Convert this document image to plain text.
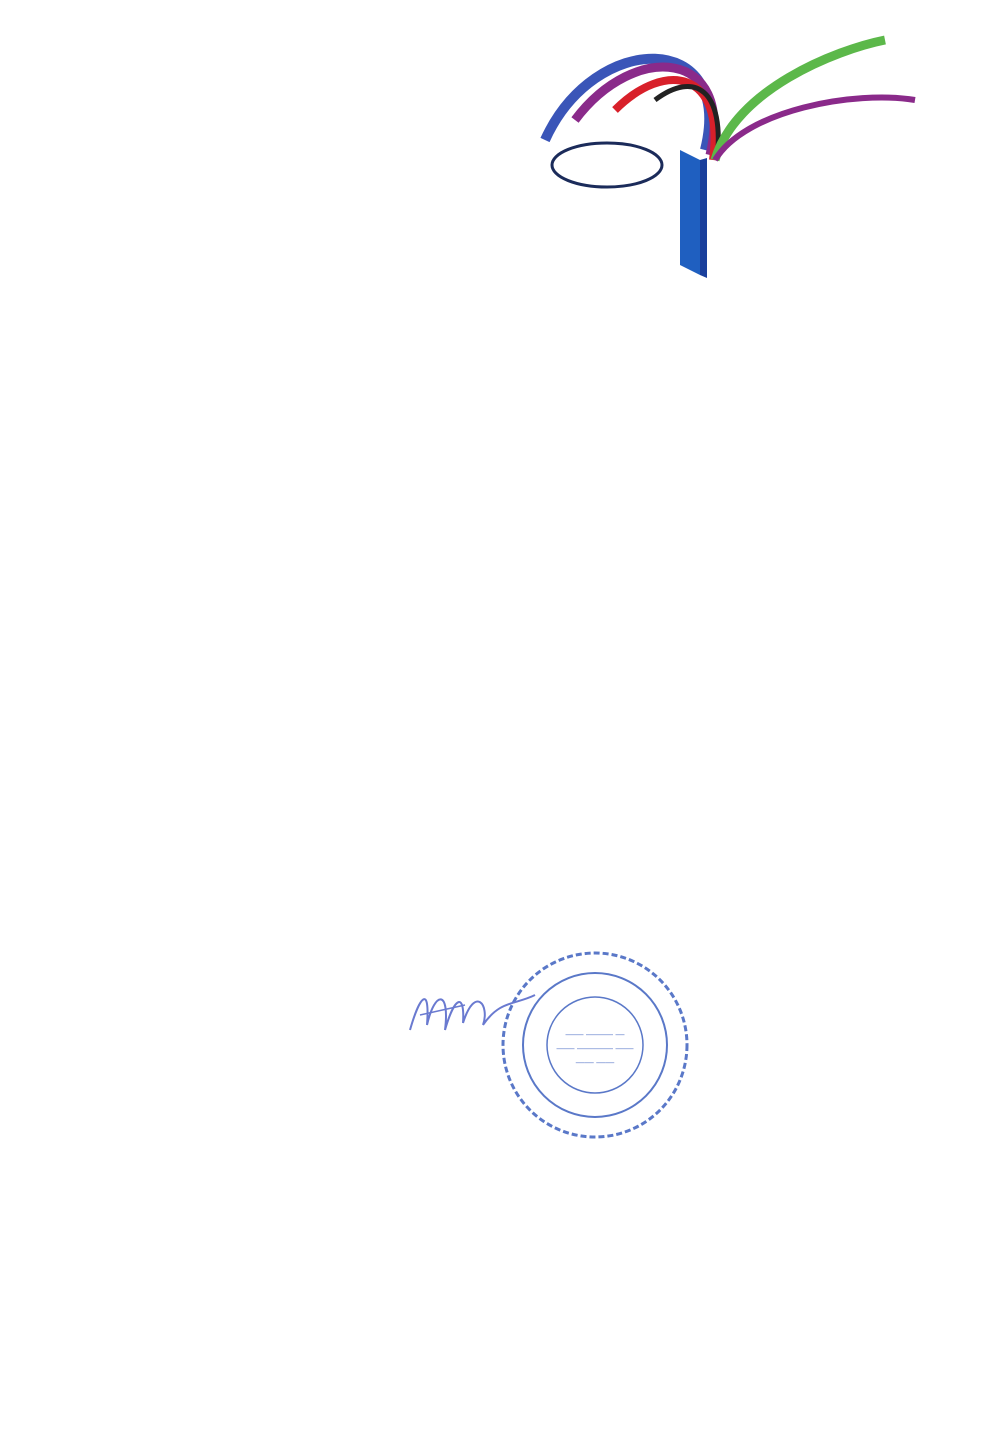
—— ——— —
—— ———— ——
—— ——
